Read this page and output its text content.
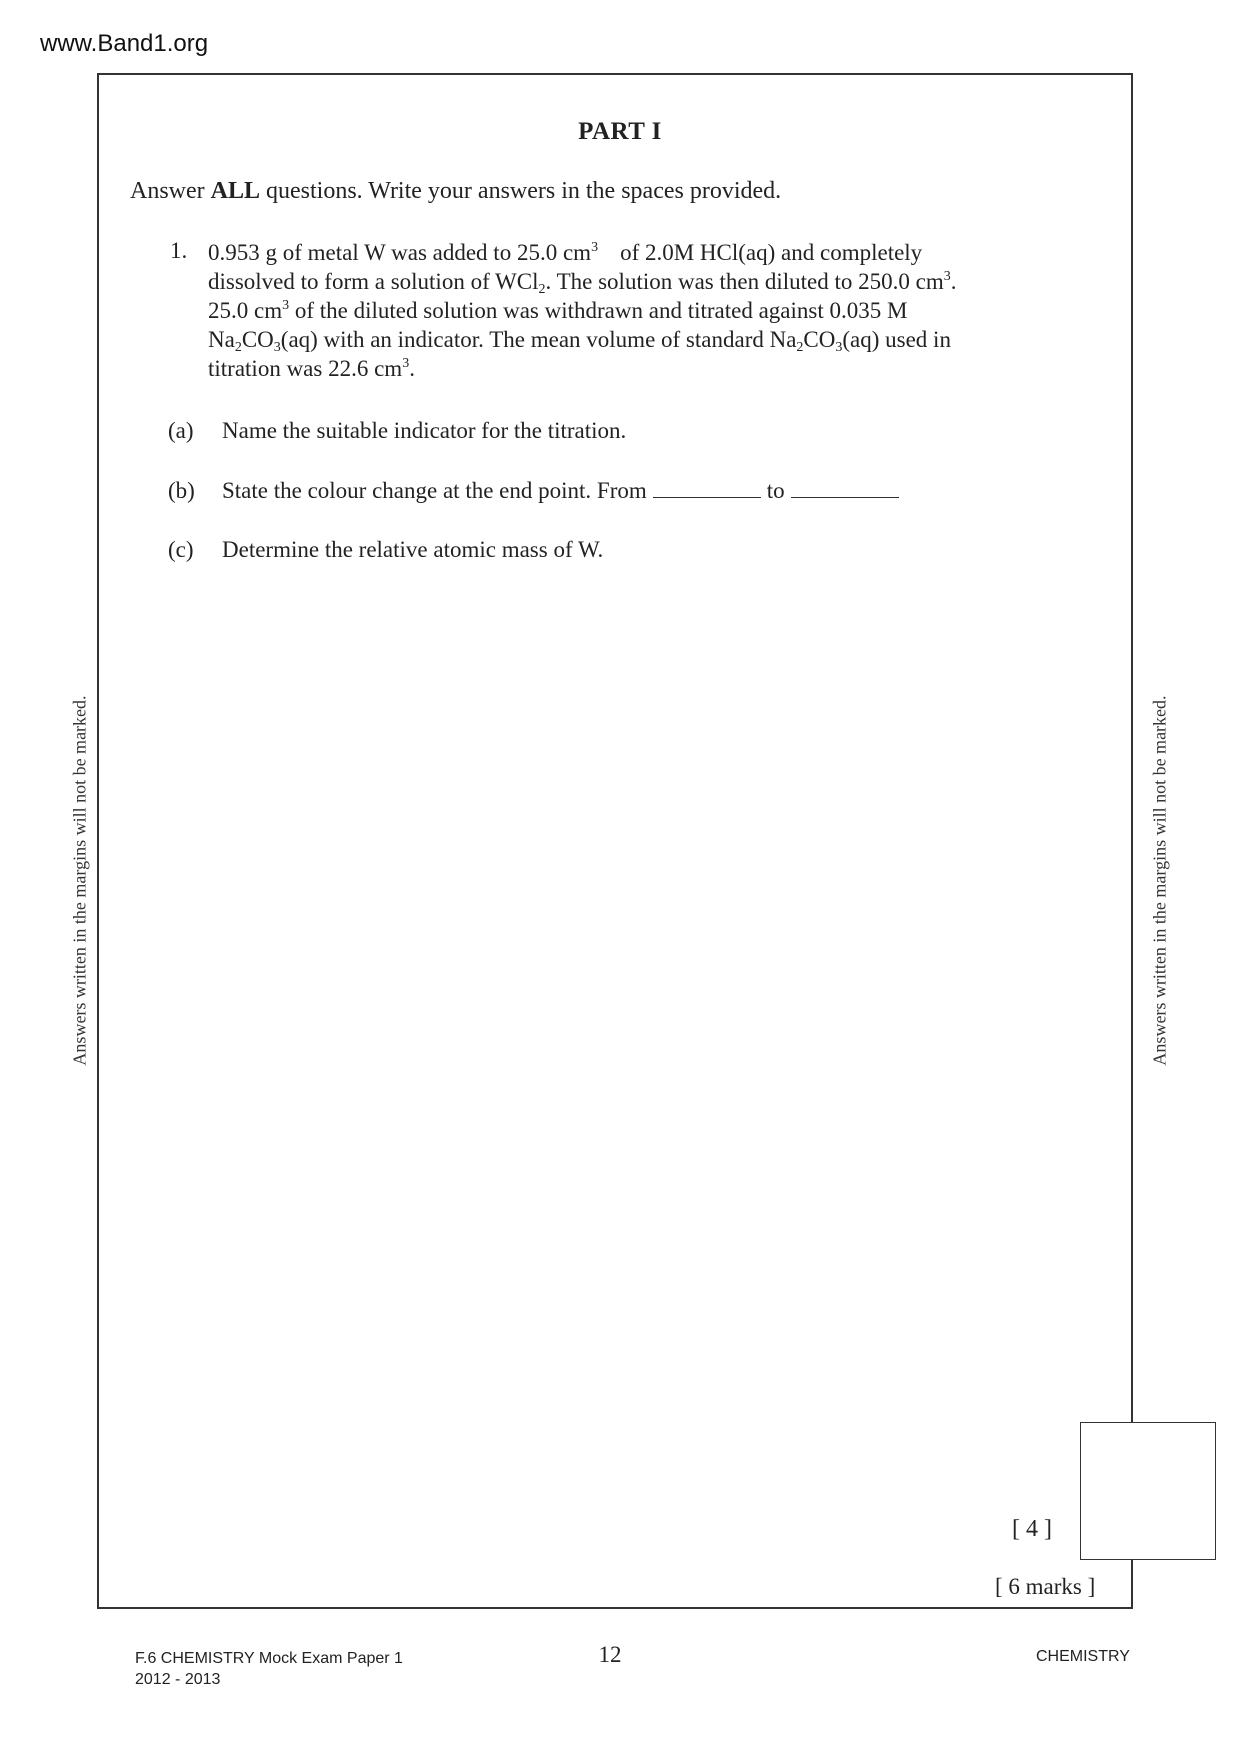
www.Band1.org
PART I
Answer ALL questions. Write your answers in the spaces provided.
1. 0.953 g of metal W was added to 25.0 $cm^3$ of 2.0M HCl(aq) and completely
dissolved to form a solution of WCl$_2$. The solution was then diluted to 250.0 $cm^3$.
25.0 $cm^3$ of the diluted solution was withdrawn and titrated against 0.035 M
$Na_2CO_3(aq)$ with an indicator. The mean volume of standard $Na_2CO_3(aq)$ used in
titration was 22.6 $cm^3$.
(a) Name the suitable indicator for the titration.
(b) State the colour change at the end point. From	to
(c) Determine the relative atomic mass of W.
Answers written in the margins will not be marked.	Answers written in the margins will not be marked.
[ 4 ]
[ 6 marks ]
F.6 CHEMISTRY Mock Exam Paper 1
2012 - 2013
12	CHEMISTRY
